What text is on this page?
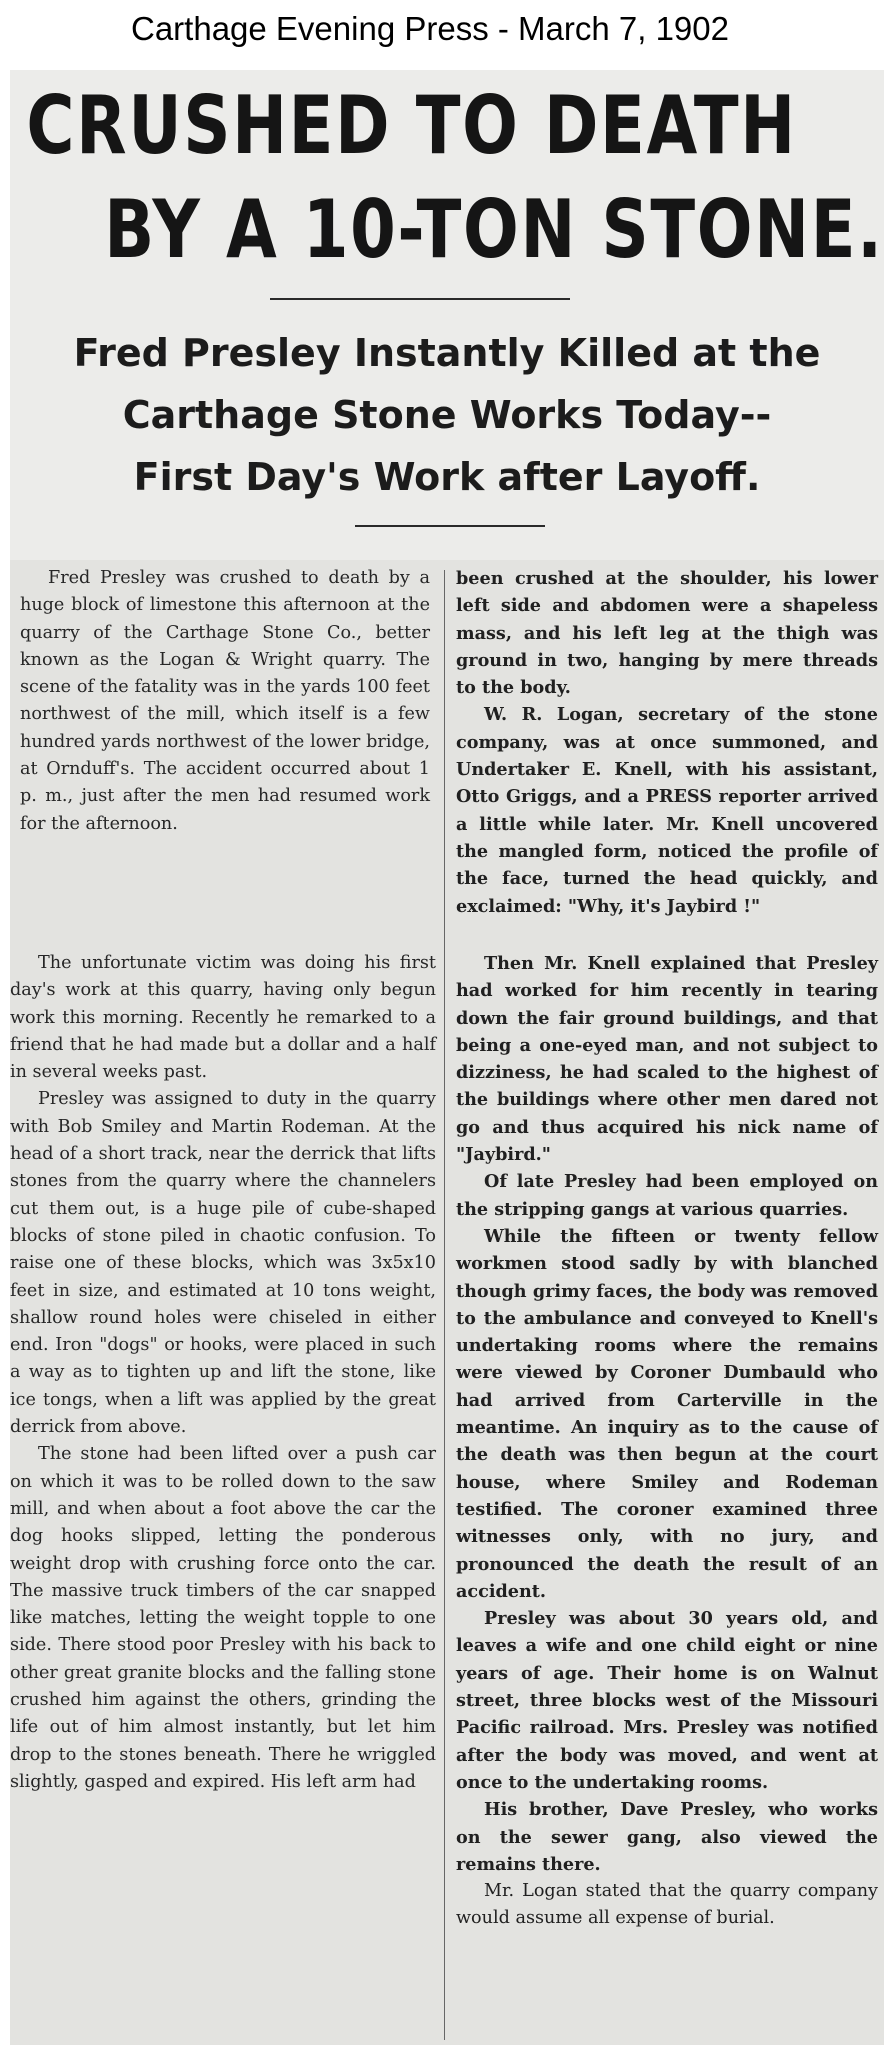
Carthage Evening Press - March 7, 1902
CRUSHED TO DEATH
BY A 10-TON STONE.
Fred Presley Instantly Killed at the
Carthage Stone Works Today--
First Day's Work after Layoff.

Fred Presley was crushed to death by a huge block of limestone this afternoon at the quarry of the Carthage Stone Co., better known as the Logan & Wright quarry. The scene of the fatality was in the yards 100 feet northwest of the mill, which itself is a few hundred yards northwest of the lower bridge, at Ornduff's. The accident occurred about 1 p. m., just after the men had resumed work for the afternoon.

The unfortunate victim was doing his first day's work at this quarry, having only begun work this morning. Recently he remarked to a friend that he had made but a dollar and a half in several weeks past.

Presley was assigned to duty in the quarry with Bob Smiley and Martin Rodeman. At the head of a short track, near the derrick that lifts stones from the quarry where the channelers cut them out, is a huge pile of cube-shaped blocks of stone piled in chaotic confusion. To raise one of these blocks, which was 3x5x10 feet in size, and estimated at 10 tons weight, shallow round holes were chiseled in either end. Iron "dogs" or hooks, were placed in such a way as to tighten up and lift the stone, like ice tongs, when a lift was applied by the great derrick from above.

The stone had been lifted over a push car on which it was to be rolled down to the saw mill, and when about a foot above the car the dog hooks slipped, letting the ponderous weight drop with crushing force onto the car. The massive truck timbers of the car snapped like matches, letting the weight topple to one side. There stood poor Presley with his back to other great granite blocks and the falling stone crushed him against the others, grinding the life out of him almost instantly, but let him drop to the stones beneath. There he wriggled slightly, gasped and expired. His left arm had

been crushed at the shoulder, his lower left side and abdomen were a shapeless mass, and his left leg at the thigh was ground in two, hanging by mere threads to the body.

W. R. Logan, secretary of the stone company, was at once summoned, and Undertaker E. Knell, with his assistant, Otto Griggs, and a PRESS reporter arrived a little while later. Mr. Knell uncovered the mangled form, noticed the profile of the face, turned the head quickly, and exclaimed: "Why, it's Jaybird !"

Then Mr. Knell explained that Presley had worked for him recently in tearing down the fair ground buildings, and that being a one-eyed man, and not subject to dizziness, he had scaled to the highest of the buildings where other men dared not go and thus acquired his nick name of "Jaybird."

Of late Presley had been employed on the stripping gangs at various quarries.

While the fifteen or twenty fellow workmen stood sadly by with blanched though grimy faces, the body was removed to the ambulance and conveyed to Knell's undertaking rooms where the remains were viewed by Coroner Dumbauld who had arrived from Carterville in the meantime. An inquiry as to the cause of the death was then begun at the court house, where Smiley and Rodeman testified. The coroner examined three witnesses only, with no jury, and pronounced the death the result of an accident.

Presley was about 30 years old, and leaves a wife and one child eight or nine years of age. Their home is on Walnut street, three blocks west of the Missouri Pacific railroad. Mrs. Presley was notified after the body was moved, and went at once to the undertaking rooms.

His brother, Dave Presley, who works on the sewer gang, also viewed the remains there.

Mr. Logan stated that the quarry company would assume all expense of burial.
